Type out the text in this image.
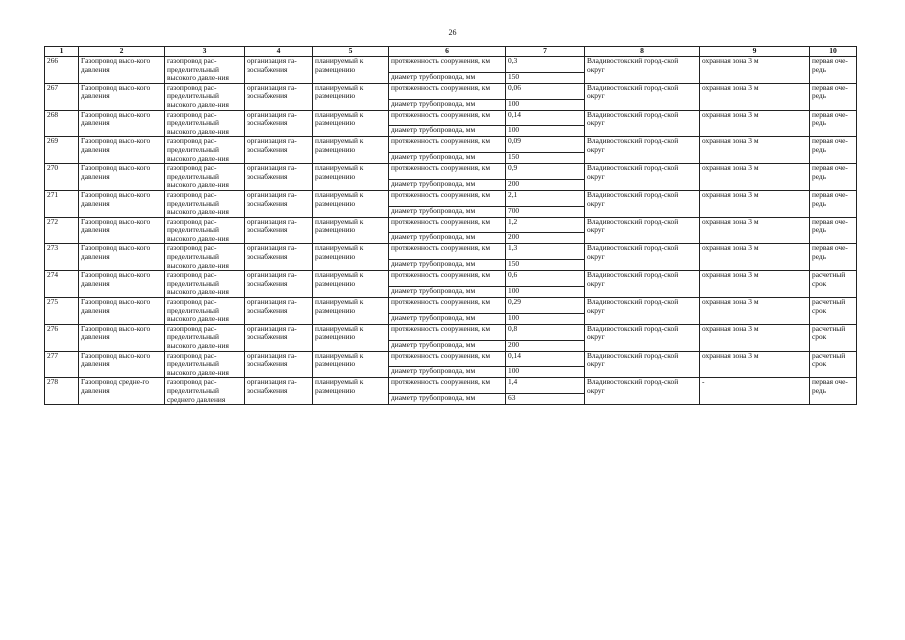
26
1	2	3	4	5	6	7	8	9	10
266	Газопровод высо-кого давления	газопровод рас-пределительный высокого давле-ния	организация га-зоснабжения	планируемый к размещению	протяженность сооружения, км	0,3	Владивостокский город-ской округ	охранная зона 3 м	первая оче-редь
					диаметр трубопровода, мм	150			
267	Газопровод высо-кого давления	газопровод рас-пределительный высокого давле-ния	организация га-зоснабжения	планируемый к размещению	протяженность сооружения, км	0,06	Владивостокский город-ской округ	охранная зона 3 м	первая оче-редь
					диаметр трубопровода, мм	100			
268	Газопровод высо-кого давления	газопровод рас-пределительный высокого давле-ния	организация га-зоснабжения	планируемый к размещению	протяженность сооружения, км	0,14	Владивостокский город-ской округ	охранная зона 3 м	первая оче-редь
					диаметр трубопровода, мм	100			
269	Газопровод высо-кого давления	газопровод рас-пределительный высокого давле-ния	организация га-зоснабжения	планируемый к размещению	протяженность сооружения, км	0,09	Владивостокский город-ской округ	охранная зона 3 м	первая оче-редь
					диаметр трубопровода, мм	150			
270	Газопровод высо-кого давления	газопровод рас-пределительный высокого давле-ния	организация га-зоснабжения	планируемый к размещению	протяженность сооружения, км	0,9	Владивостокский город-ской округ	охранная зона 3 м	первая оче-редь
					диаметр трубопровода, мм	200			
271	Газопровод высо-кого давления	газопровод рас-пределительный высокого давле-ния	организация га-зоснабжения	планируемый к размещению	протяженность сооружения, км	2,1	Владивостокский город-ской округ	охранная зона 3 м	первая оче-редь
					диаметр трубопровода, мм	700			
272	Газопровод высо-кого давления	газопровод рас-пределительный высокого давле-ния	организация га-зоснабжения	планируемый к размещению	протяженность сооружения, км	1,2	Владивостокский город-ской округ	охранная зона 3 м	первая оче-редь
					диаметр трубопровода, мм	200			
273	Газопровод высо-кого давления	газопровод рас-пределительный высокого давле-ния	организация га-зоснабжения	планируемый к размещению	протяженность сооружения, км	1,3	Владивостокский город-ской округ	охранная зона 3 м	первая оче-редь
					диаметр трубопровода, мм	150			
274	Газопровод высо-кого давления	газопровод рас-пределительный высокого давле-ния	организация га-зоснабжения	планируемый к размещению	протяженность сооружения, км	0,6	Владивостокский город-ской округ	охранная зона 3 м	расчетный срок
					диаметр трубопровода, мм	100			
275	Газопровод высо-кого давления	газопровод рас-пределительный высокого давле-ния	организация га-зоснабжения	планируемый к размещению	протяженность сооружения, км	0,29	Владивостокский город-ской округ	охранная зона 3 м	расчетный срок
					диаметр трубопровода, мм	100			
276	Газопровод высо-кого давления	газопровод рас-пределительный высокого давле-ния	организация га-зоснабжения	планируемый к размещению	протяженность сооружения, км	0,8	Владивостокский город-ской округ	охранная зона 3 м	расчетный срок
					диаметр трубопровода, мм	200			
277	Газопровод высо-кого давления	газопровод рас-пределительный высокого давле-ния	организация га-зоснабжения	планируемый к размещению	протяженность сооружения, км	0,14	Владивостокский город-ской округ	охранная зона 3 м	расчетный срок
					диаметр трубопровода, мм	100			
278	Газопровод средне-го давления	газопровод рас-пределительный среднего давления	организация га-зоснабжения	планируемый к размещению	протяженность сооружения, км	1,4	Владивостокский город-ской округ	-	первая оче-редь
					диаметр трубопровода, мм	63			
